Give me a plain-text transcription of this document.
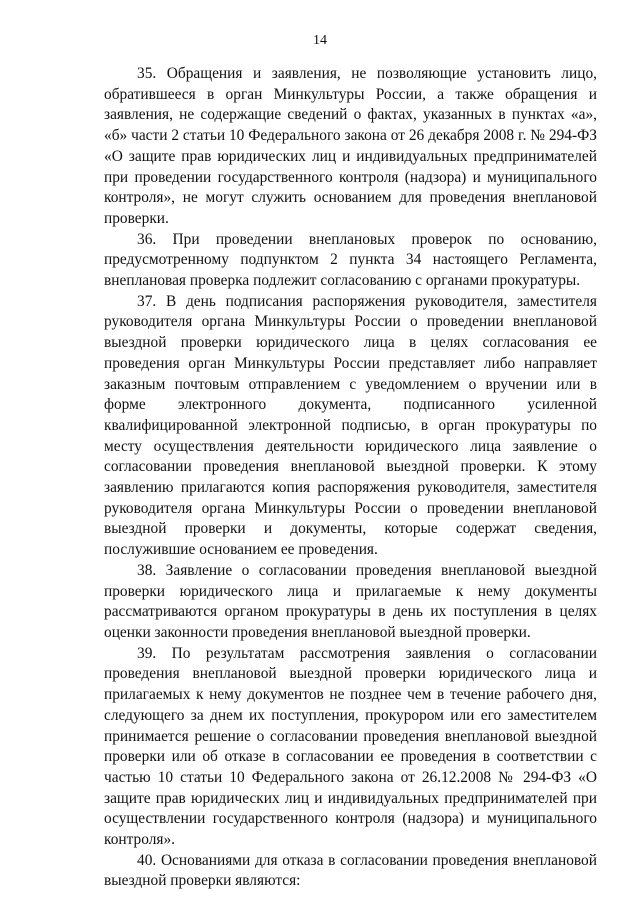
14

35. Обращения и заявления, не позволяющие установить лицо, обратившееся в орган Минкультуры России, а также обращения и заявления, не содержащие сведений о фактах, указанных в пунктах «а», «б» части 2 статьи 10 Федерального закона от 26 декабря 2008 г. № 294-ФЗ «О защите прав юридических лиц и индивидуальных предпринимателей при проведении государственного контроля (надзора) и муниципального контроля», не могут служить основанием для проведения внеплановой проверки.

36. При проведении внеплановых проверок по основанию, предусмотренному подпунктом 2 пункта 34 настоящего Регламента, внеплановая проверка подлежит согласованию с органами прокуратуры.

37. В день подписания распоряжения руководителя, заместителя руководителя органа Минкультуры России о проведении внеплановой выездной проверки юридического лица в целях согласования ее проведения орган Минкультуры России представляет либо направляет заказным почтовым отправлением с уведомлением о вручении или в форме электронного документа, подписанного усиленной квалифицированной электронной подписью, в орган прокуратуры по месту осуществления деятельности юридического лица заявление о согласовании проведения внеплановой выездной проверки. К этому заявлению прилагаются копия распоряжения руководителя, заместителя руководителя органа Минкультуры России о проведении внеплановой выездной проверки и документы, которые содержат сведения, послужившие основанием ее проведения.

38. Заявление о согласовании проведения внеплановой выездной проверки юридического лица и прилагаемые к нему документы рассматриваются органом прокуратуры в день их поступления в целях оценки законности проведения внеплановой выездной проверки.

39. По результатам рассмотрения заявления о согласовании проведения внеплановой выездной проверки юридического лица и прилагаемых к нему документов не позднее чем в течение рабочего дня, следующего за днем их поступления, прокурором или его заместителем принимается решение о согласовании проведения внеплановой выездной проверки или об отказе в согласовании ее проведения в соответствии с частью 10 статьи 10 Федерального закона от 26.12.2008 № 294-ФЗ «О защите прав юридических лиц и индивидуальных предпринимателей при осуществлении государственного контроля (надзора) и муниципального контроля».

40. Основаниями для отказа в согласовании проведения внеплановой выездной проверки являются:
